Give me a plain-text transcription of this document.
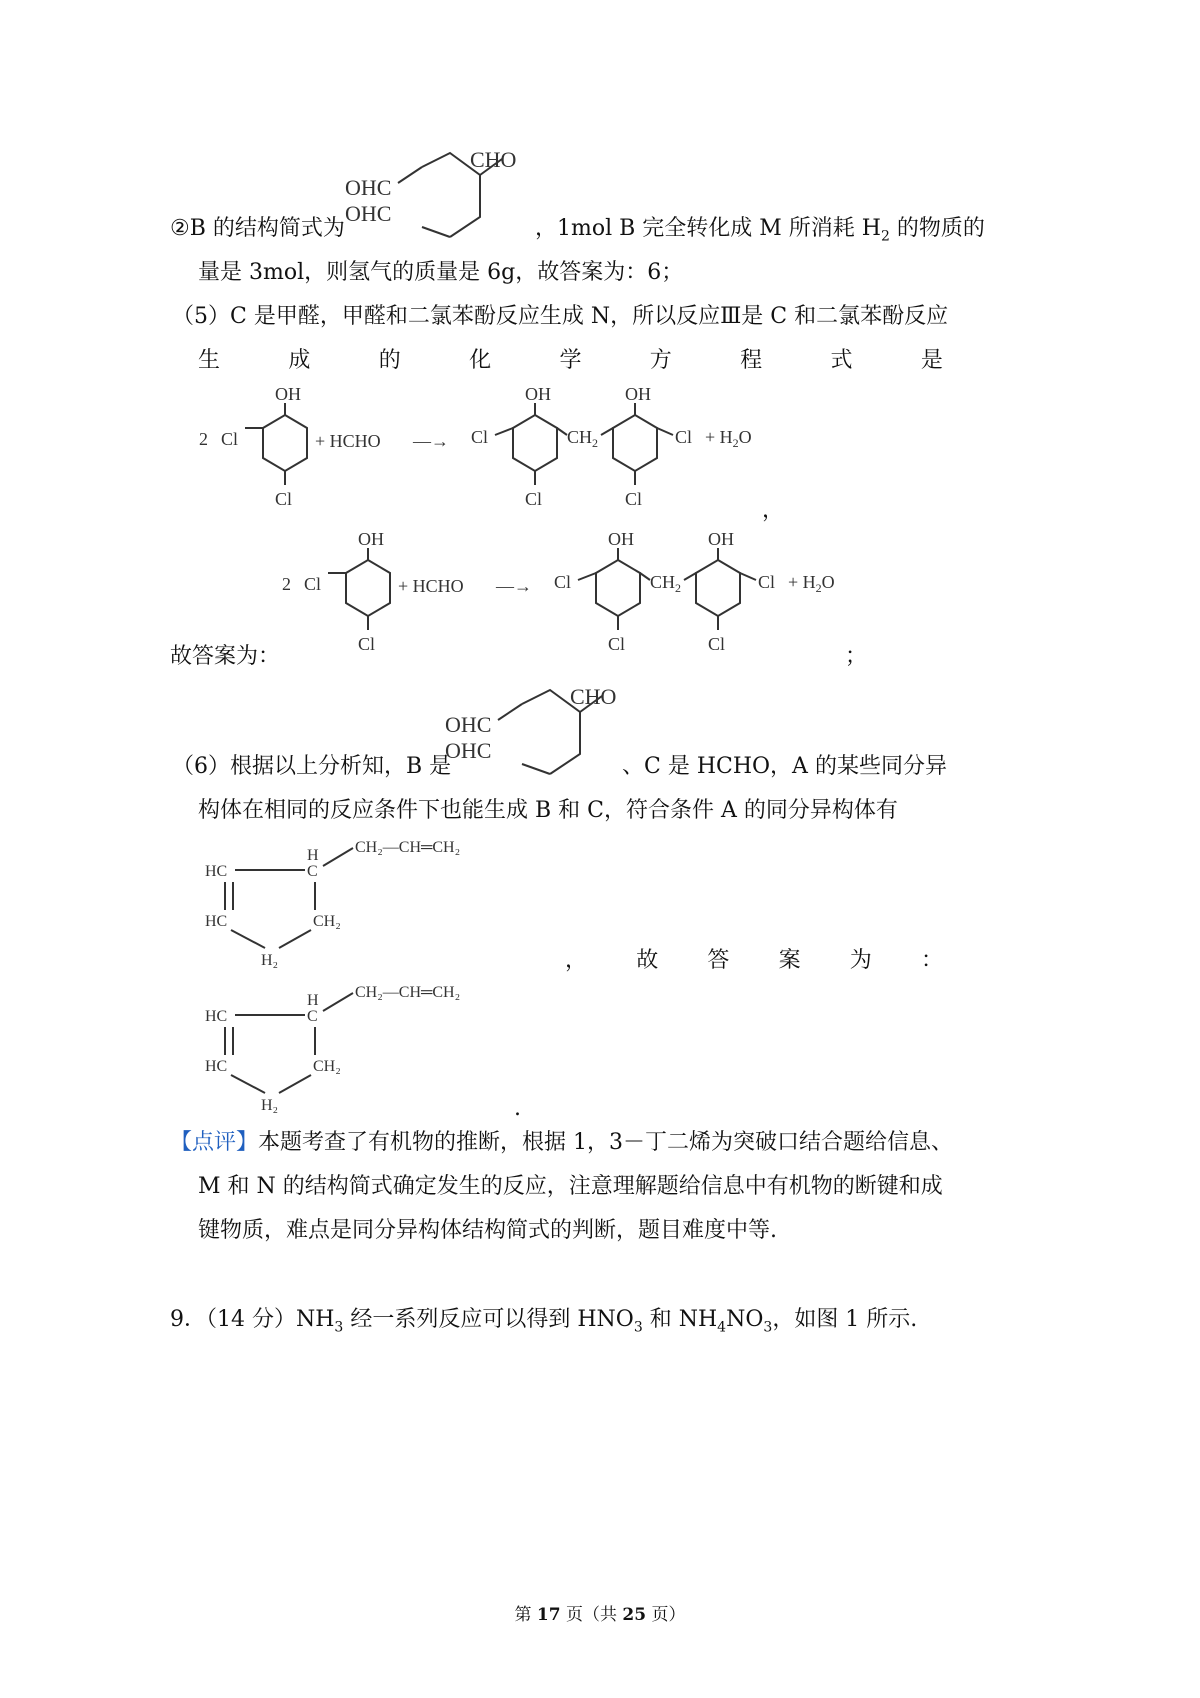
CHO
OHC
OHC
②B 的结构简式为	，1mol B 完全转化成 M 所消耗 $H_2$ 的物质的
量是 3mol，则氢气的质量是 6g，故答案为：6；
（5）C 是甲醛，甲醛和二氯苯酚反应生成 N，所以反应Ⅲ是 C 和二氯苯酚反应
生	成	的	化	学	方	程	式	是
2
OH
Cl
Cl
+ HCHO —→
OH
Cl
Cl
$CH_2$
OH
Cl
Cl
+ $H_2O$
，
2
OH
Cl
Cl
+ HCHO —→
OH
Cl
Cl
$CH_2$
OH
Cl
Cl
+ $H_2O$
故答案为：	；
CHO
OHC
OHC
（6）根据以上分析知，B 是	、C 是 HCHO，A 的某些同分异
构体在相同的反应条件下也能生成 B 和 C，符合条件 A 的同分异构体有
CH₂—CH═CH₂
H
C
HC
HC	CH₂
H₂	， 故 答 案 为 ：
CH₂—CH═CH₂
H
C
HC
HC	CH₂
H₂	.
【点评】本题考查了有机物的推断，根据 1，3－丁二烯为突破口结合题给信息、
M 和 N 的结构简式确定发生的反应，注意理解题给信息中有机物的断键和成
键物质，难点是同分异构体结构简式的判断，题目难度中等.
9．（14 分）$NH_3$ 经一系列反应可以得到 $HNO_3$ 和 $NH_4NO_3$，如图 1 所示.
第 17 页（共 25 页）
